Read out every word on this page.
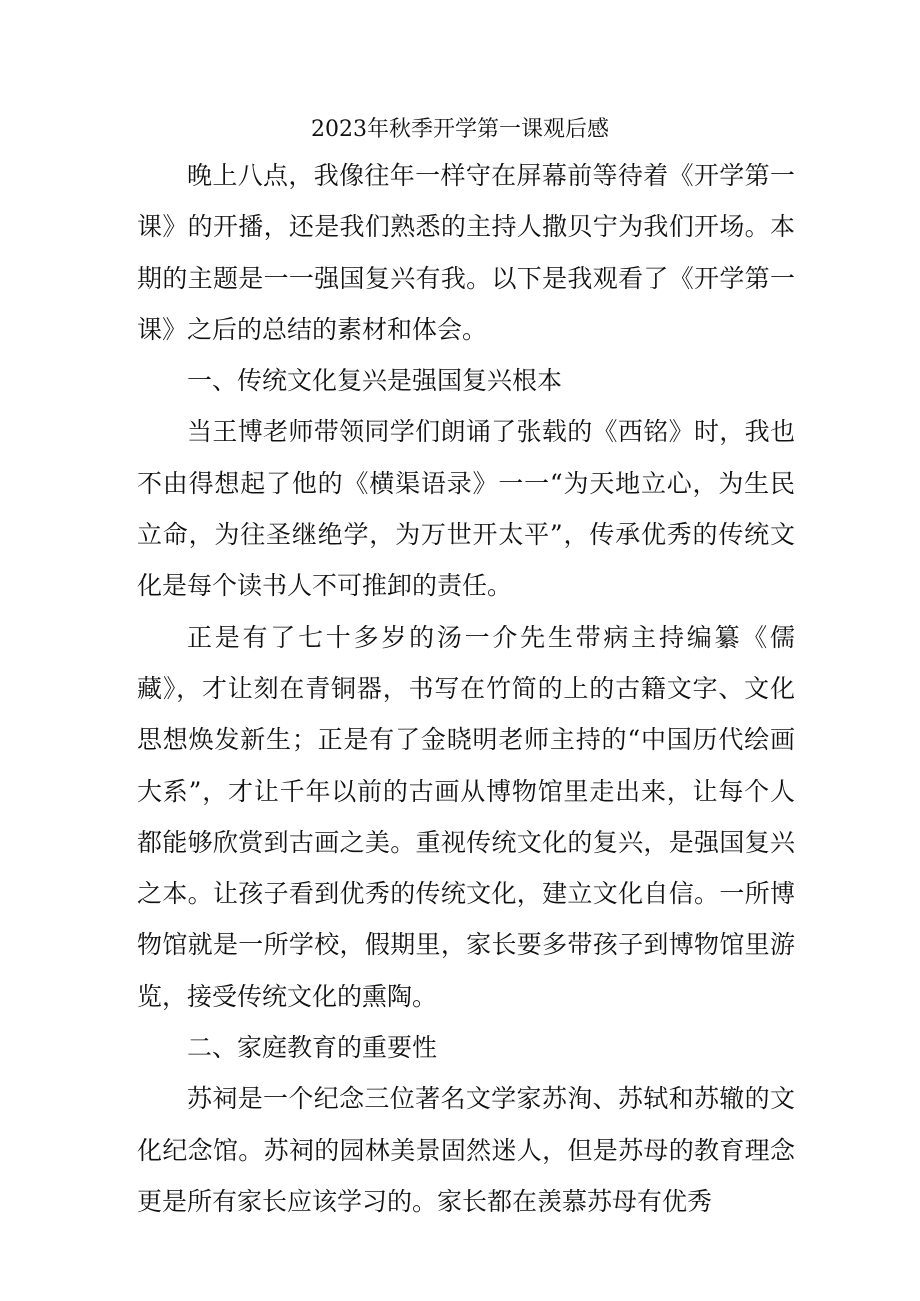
2023年秋季开学第一课观后感

晚上八点，我像往年一样守在屏幕前等待着《开学第一课》的开播，还是我们熟悉的主持人撒贝宁为我们开场。本期的主题是一一强国复兴有我。以下是我观看了《开学第一课》之后的总结的素材和体会。

一、传统文化复兴是强国复兴根本

当王博老师带领同学们朗诵了张载的《西铭》时，我也不由得想起了他的《横渠语录》一一“为天地立心，为生民立命，为往圣继绝学，为万世开太平”，传承优秀的传统文化是每个读书人不可推卸的责任。

正是有了七十多岁的汤一介先生带病主持编纂《儒藏》，才让刻在青铜器，书写在竹简的上的古籍文字、文化思想焕发新生；正是有了金晓明老师主持的“中国历代绘画大系”，才让千年以前的古画从博物馆里走出来，让每个人都能够欣赏到古画之美。重视传统文化的复兴，是强国复兴之本。让孩子看到优秀的传统文化，建立文化自信。一所博物馆就是一所学校，假期里，家长要多带孩子到博物馆里游览，接受传统文化的熏陶。

二、家庭教育的重要性

苏祠是一个纪念三位著名文学家苏洵、苏轼和苏辙的文化纪念馆。苏祠的园林美景固然迷人，但是苏母的教育理念更是所有家长应该学习的。家长都在羡慕苏母有优秀
